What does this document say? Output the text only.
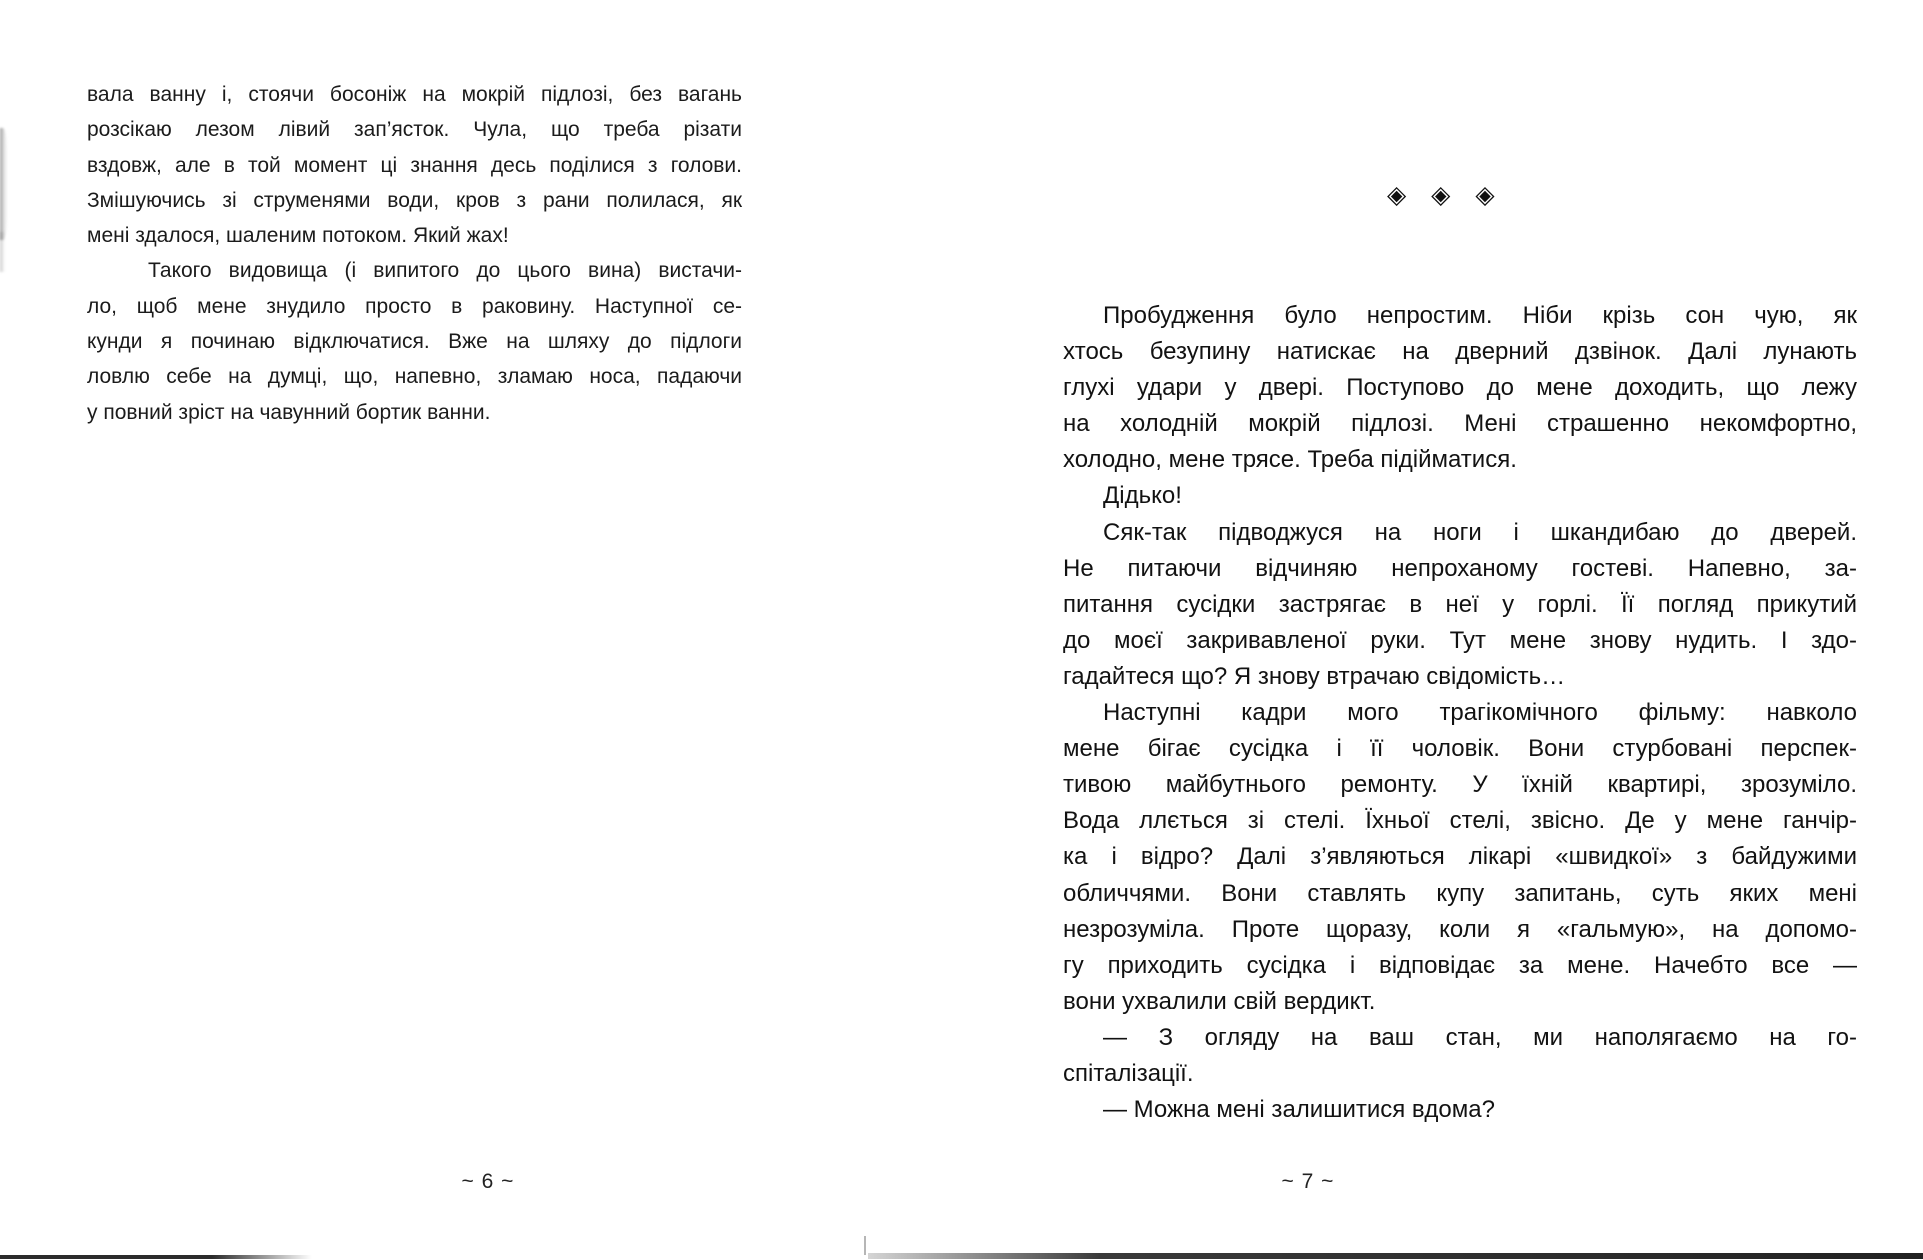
вала ванну і, стоячи босоніж на мокрій підлозі, без вагань
розсікаю лезом лівий зап’ясток. Чула, що треба різати
вздовж, але в той момент ці знання десь поділися з голови.
Змішуючись зі струменями води, кров з рани полилася, як
мені здалося, шаленим потоком. Який жах!
Такого видовища (і випитого до цього вина) вистачи-
ло, щоб мене знудило просто в раковину. Наступної се-
кунди я починаю відключатися. Вже на шляху до підлоги
ловлю себе на думці, що, напевно, зламаю носа, падаючи
у повний зріст на чавунний бортик ванни.
~ 6 ~
◈ ◈ ◈
Пробудження було непростим. Ніби крізь сон чую, як
хтось безупину натискає на дверний дзвінок. Далі лунають
глухі удари у двері. Поступово до мене доходить, що лежу
на холодній мокрій підлозі. Мені страшенно некомфортно,
холодно, мене трясе. Треба підійматися.
Дідько!
Сяк-так підводжуся на ноги і шкандибаю до дверей.
Не питаючи відчиняю непроханому гостеві. Напевно, за-
питання сусідки застрягає в неї у горлі. Її погляд прикутий
до моєї закривавленої руки. Тут мене знову нудить. І здо-
гадайтеся що? Я знову втрачаю свідомість…
Наступні кадри мого трагікомічного фільму: навколо
мене бігає сусідка і її чоловік. Вони стурбовані перспек-
тивою майбутнього ремонту. У їхній квартирі, зрозуміло.
Вода ллється зі стелі. Їхньої стелі, звісно. Де у мене ганчір-
ка і відро? Далі з’являються лікарі «швидкої» з байдужими
обличчями. Вони ставлять купу запитань, суть яких мені
незрозуміла. Проте щоразу, коли я «гальмую», на допомо-
гу приходить сусідка і відповідає за мене. Начебто все —
вони ухвалили свій вердикт.
— З огляду на ваш стан, ми наполягаємо на го-
спіталізації.
— Можна мені залишитися вдома?
~ 7 ~
